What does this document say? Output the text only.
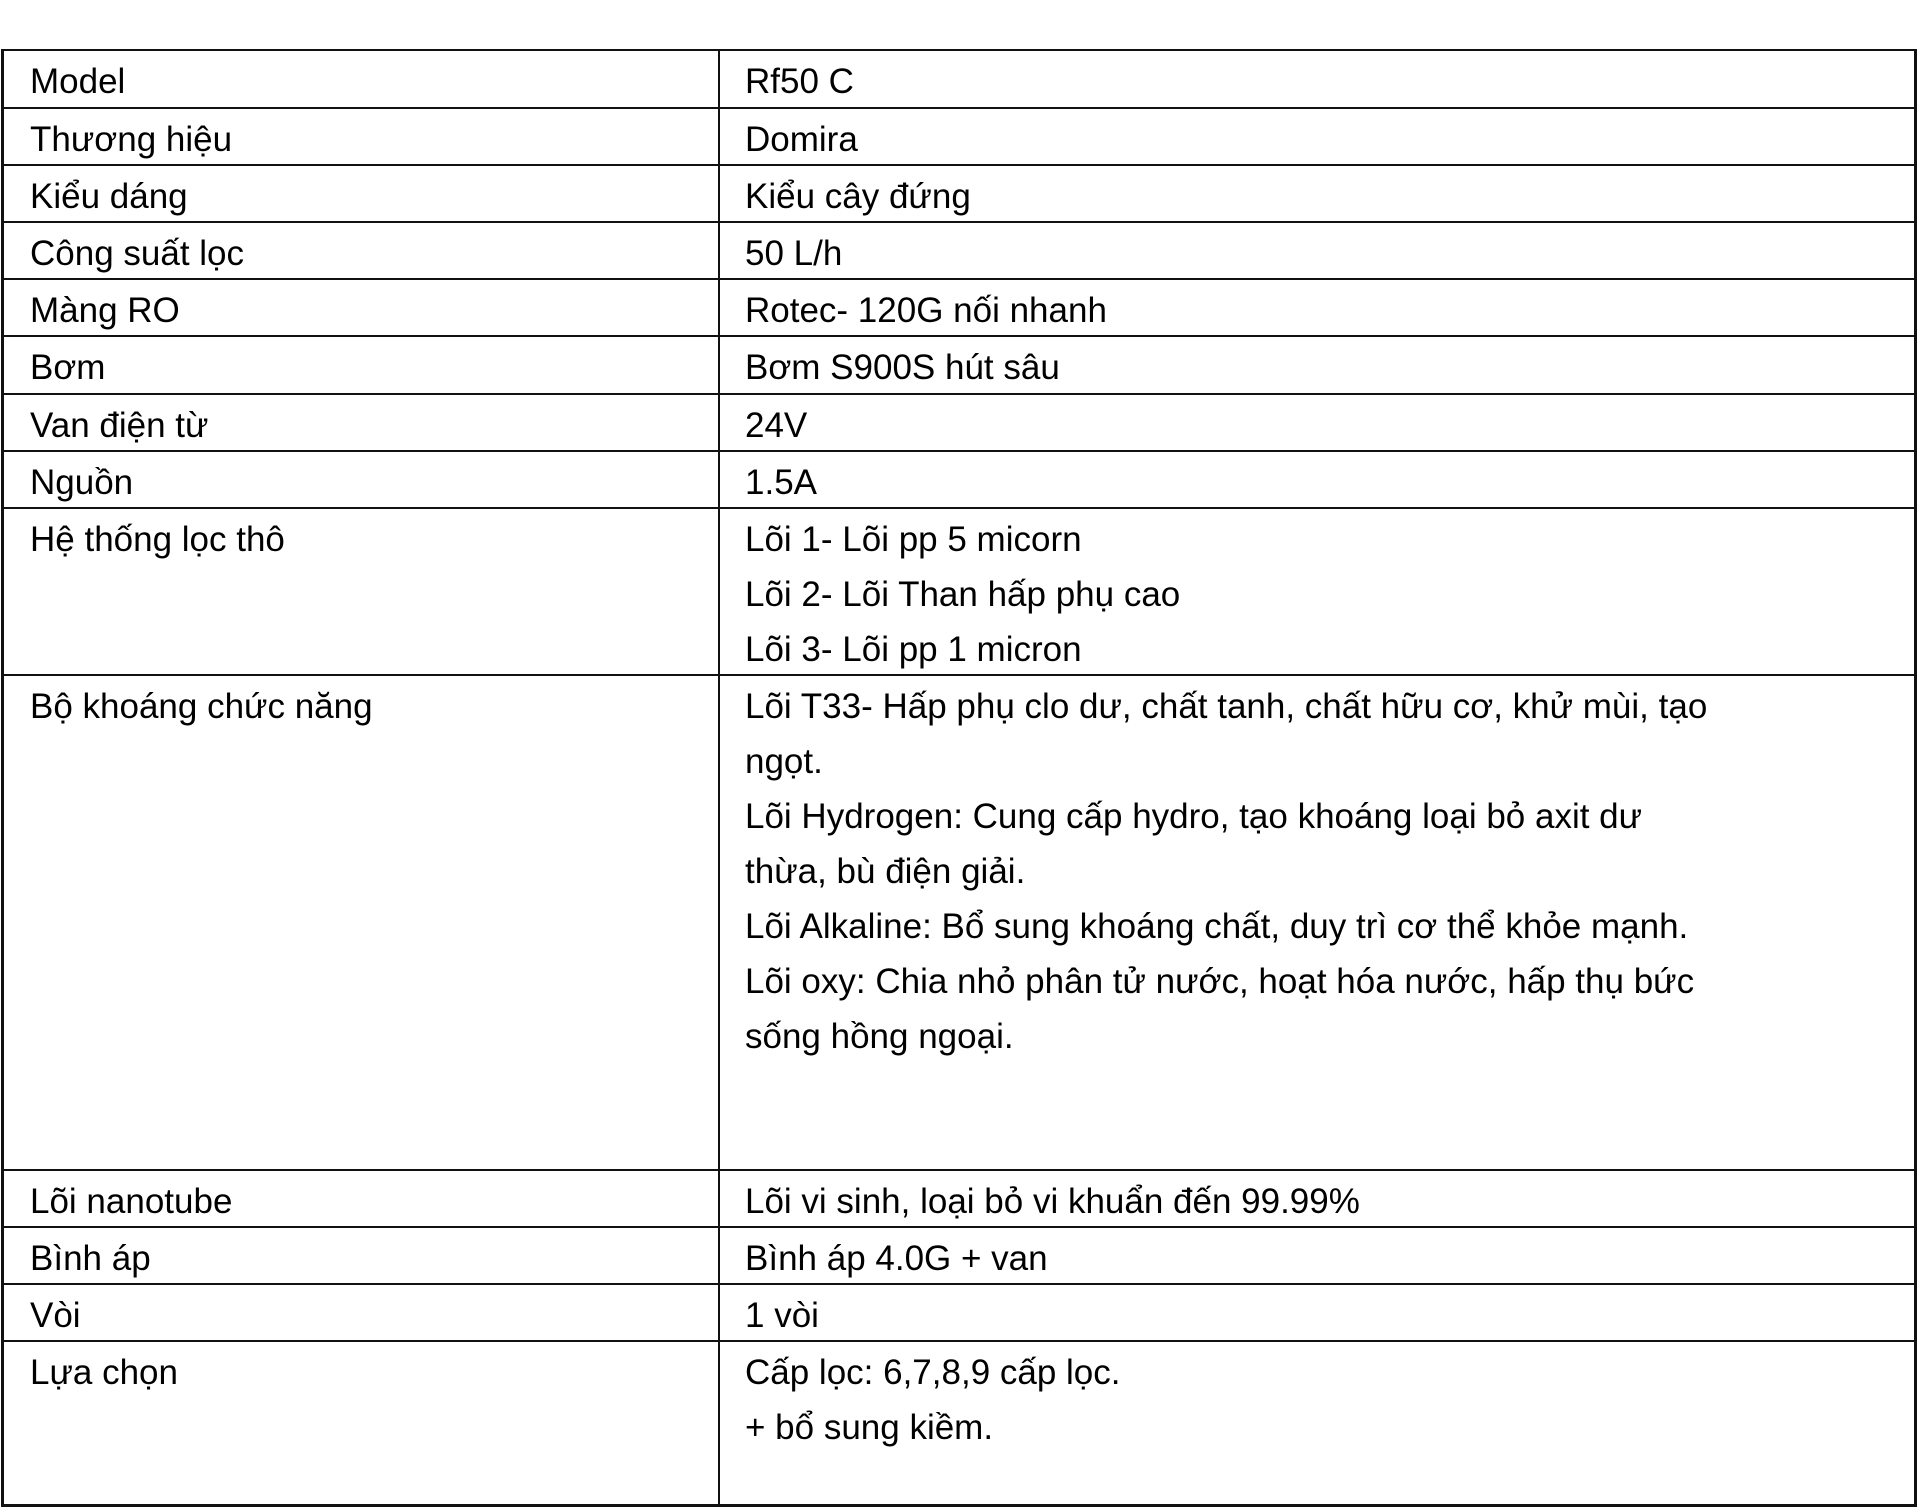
Model	Rf50 C
Thương hiệu	Domira
Kiểu dáng	Kiểu cây đứng
Công suất lọc	50 L/h
Màng RO	Rotec- 120G nối nhanh
Bơm	Bơm S900S hút sâu
Van điện từ	24V
Nguồn	1.5A
Hệ thống lọc thô	Lõi 1- Lõi pp 5 micorn
Lõi 2- Lõi Than hấp phụ cao
Lõi 3- Lõi pp 1 micron
Bộ khoáng chức năng	Lõi T33- Hấp phụ clo dư, chất tanh, chất hữu cơ, khử mùi, tạo
ngọt.
Lõi Hydrogen: Cung cấp hydro, tạo khoáng loại bỏ axit dư
thừa, bù điện giải.
Lõi Alkaline: Bổ sung khoáng chất, duy trì cơ thể khỏe mạnh.
Lõi oxy: Chia nhỏ phân tử nước, hoạt hóa nước, hấp thụ bức
sống hồng ngoại.
Lõi nanotube	Lõi vi sinh, loại bỏ vi khuẩn đến 99.99%
Bình áp	Bình áp 4.0G + van
Vòi	1 vòi
Lựa chọn	Cấp lọc: 6,7,8,9 cấp lọc.
+ bổ sung kiềm.
